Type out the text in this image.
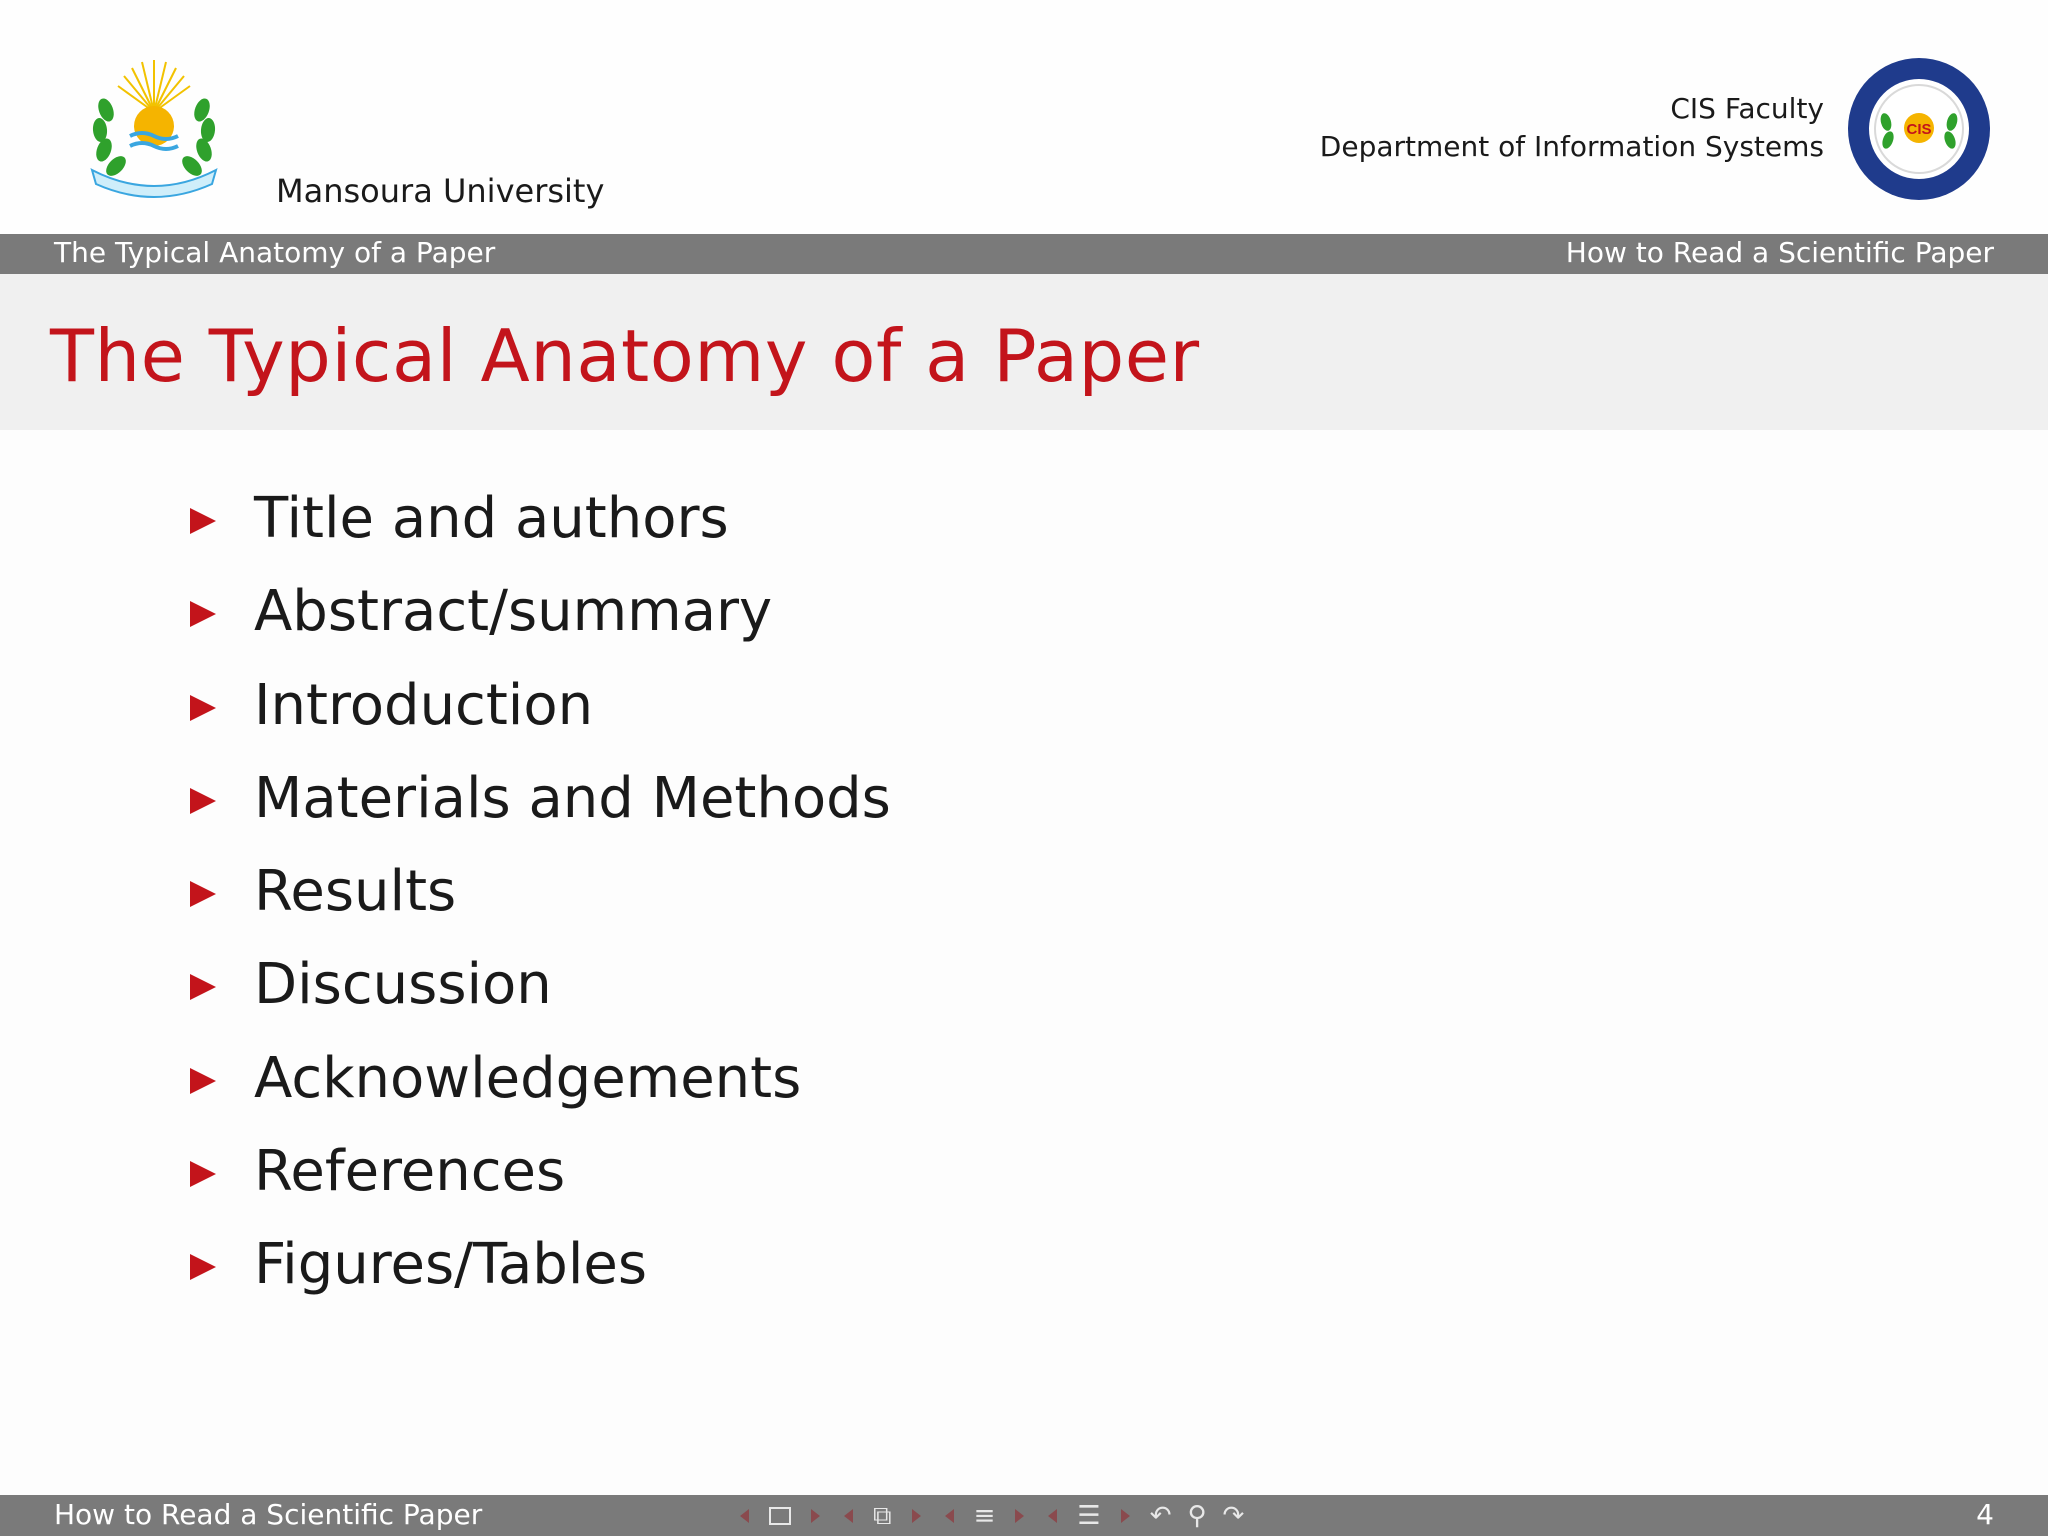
Mansoura University
CIS Faculty
Department of Information Systems
CIS
The Typical Anatomy of a Paper	How to Read a Scientific Paper
The Typical Anatomy of a Paper
Title and authors
Abstract/summary
Introduction
Materials and Methods
Results
Discussion
Acknowledgements
References
Figures/Tables
How to Read a Scientific Paper	⧉	≡	☰ ↶ ⚲ ↷	4
